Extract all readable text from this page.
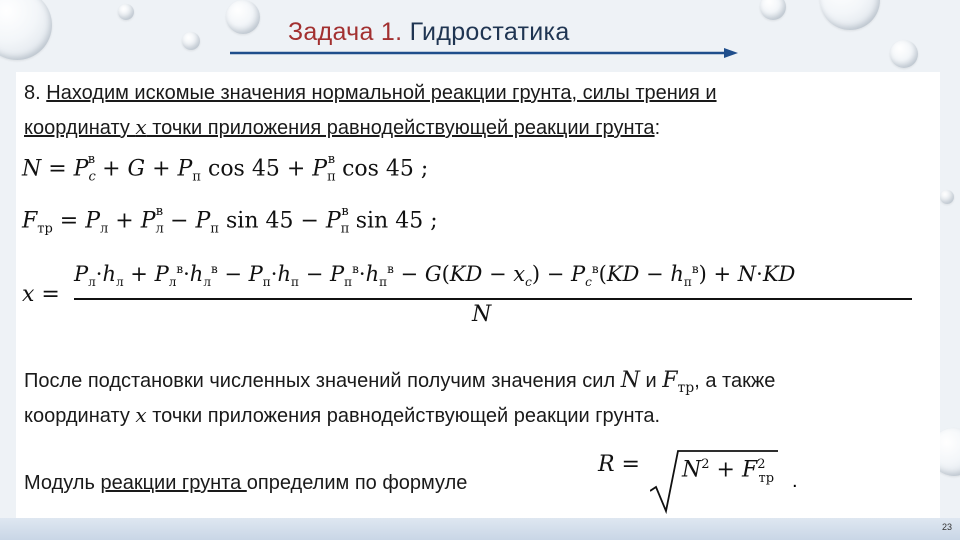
Задача 1. Гидростатика
8. Находим искомые значения нормальной реакции грунта, силы трения и
координату x точки приложения равнодействующей реакции грунта:
$N = P_c^в + G + P_п$ $\cos 45 + P_п^в$ cos 45 ;
$F_{тр} = P_л + P_л^в - P_п$ $\sin 45 - P_п^в$ sin 45 ;
x =
$P_л\cdot h_л + P_л^в\cdot h_л^в - P_п\cdot h_п - P_п^в\cdot h_п^в - G(KD - x_c) - P_c^в(KD - h_п^в) + N\cdot KD$
N
После подстановки численных значений получим значения сил N и $F_{тр}$, а также
координату x точки приложения равнодействующей реакции грунта.
Модуль реакции грунта определим по формуле
$R = N^2 + F^2_{тр}$ .
23
